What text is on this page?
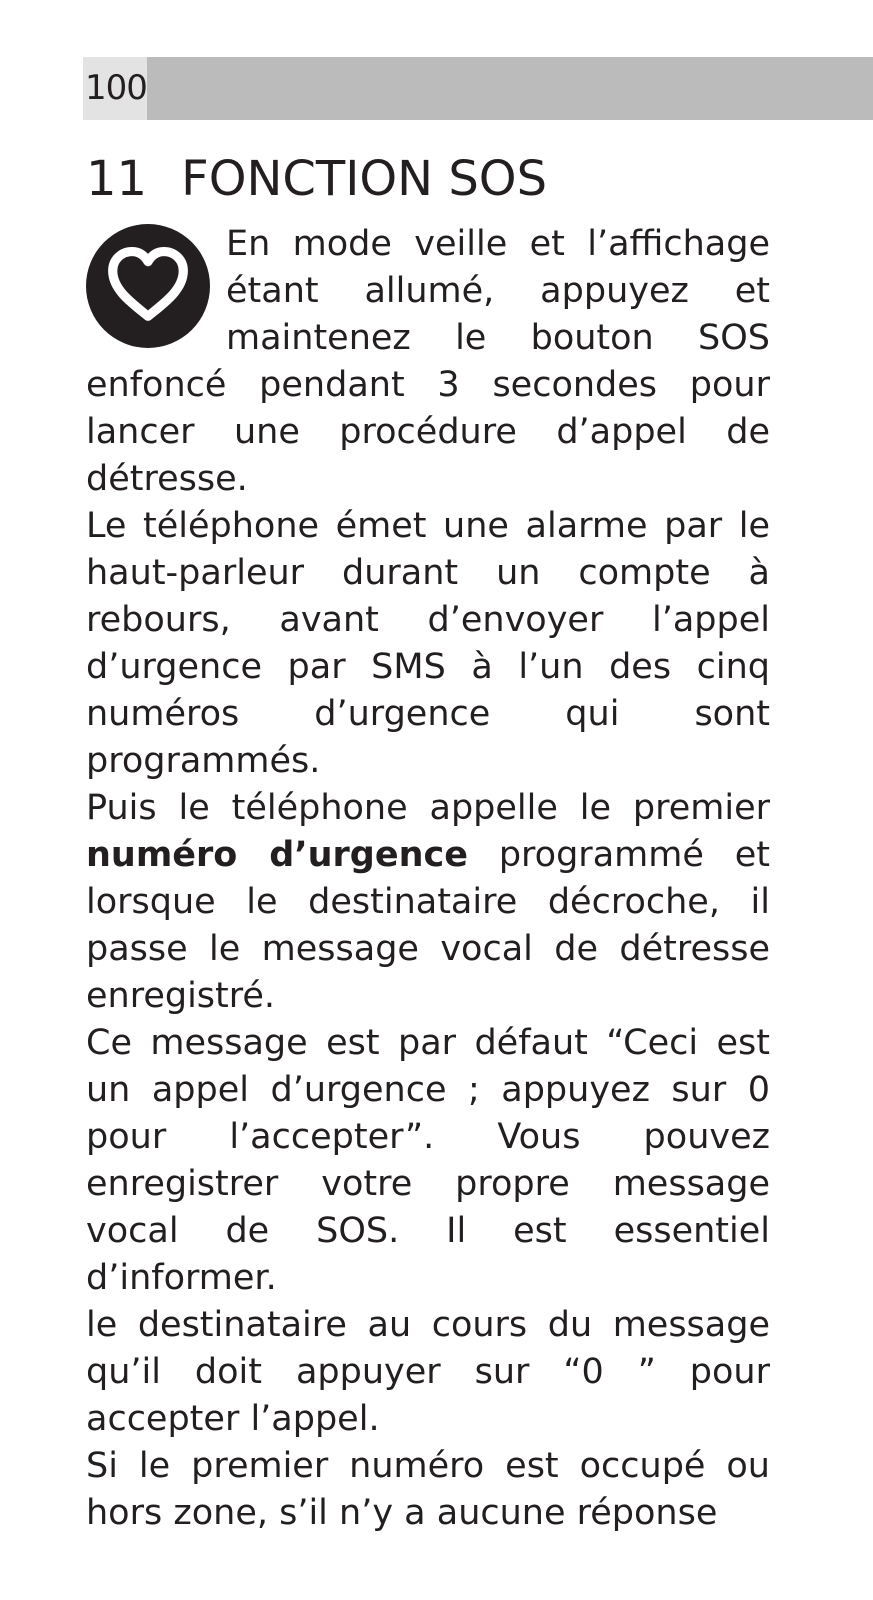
100
11 FONCTION SOS

En mode veille et l’affichage étant allumé, appuyez et maintenez le bouton SOS enfoncé pendant 3 secondes pour lancer une procédure d’appel de détresse.

Le téléphone émet une alarme par le haut-parleur durant un compte à rebours, avant d’envoyer l’appel d’urgence par SMS à l’un des cinq numéros d’urgence qui sont programmés.

Puis le téléphone appelle le premier numéro d’urgence programmé et lorsque le destinataire décroche, il passe le message vocal de détresse enregistré.

Ce message est par défaut “Ceci est un appel d’urgence ; appuyez sur 0 pour l’accepter”. Vous pouvez enregistrer votre propre message vocal de SOS. Il est essentiel d’informer.

le destinataire au cours du message qu’il doit appuyer sur “0 ” pour accepter l’appel.

Si le premier numéro est occupé ou hors zone, s’il n’y a aucune réponse
